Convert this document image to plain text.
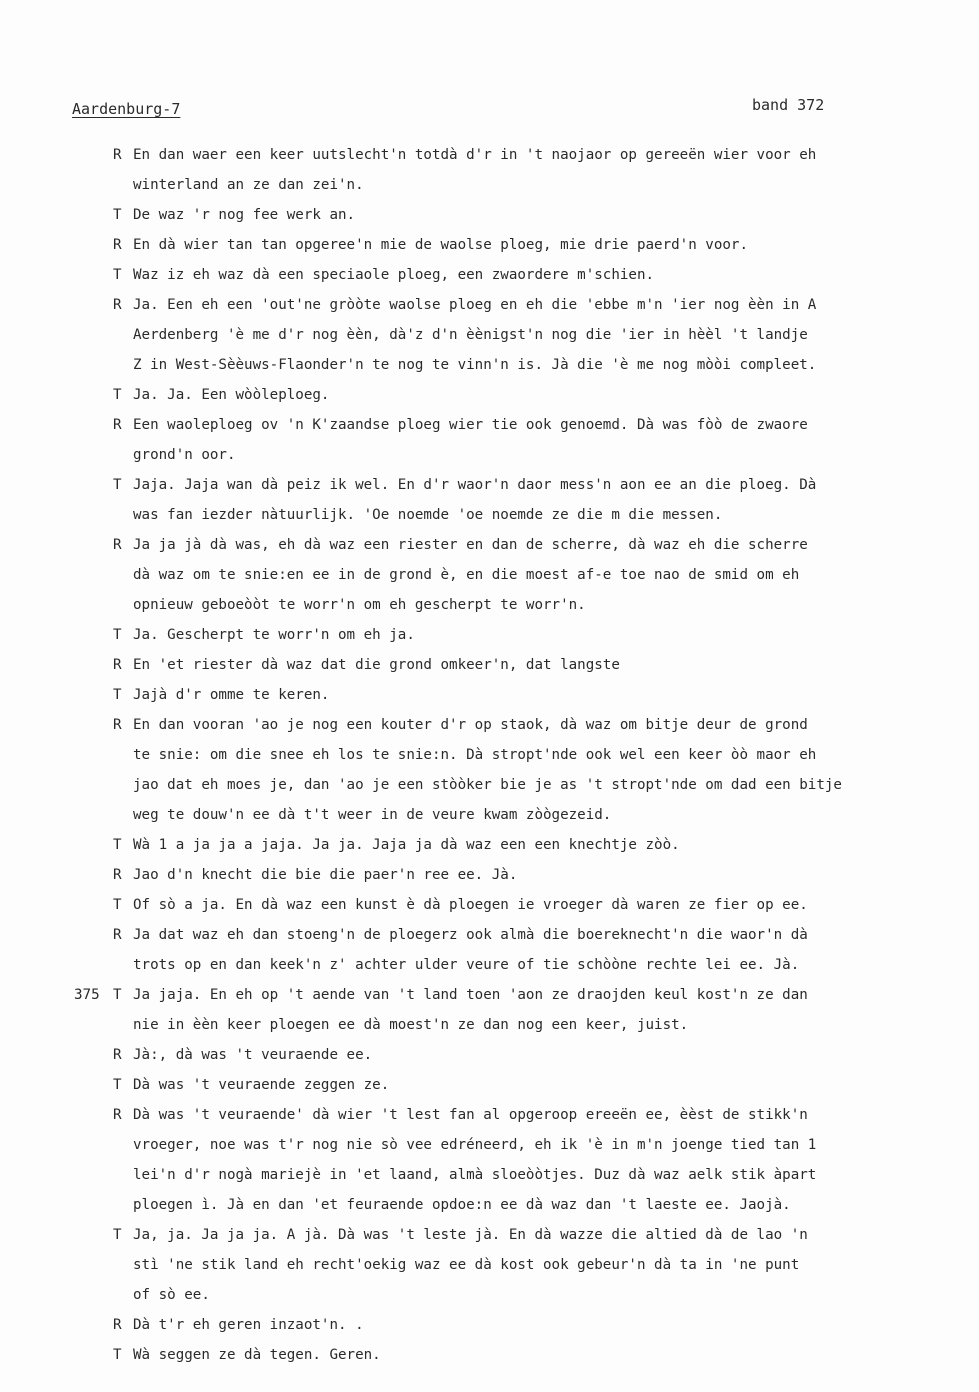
Aardenburg-7	band 372
R En dan waer een keer uutslecht'n totdà d'r in 't naojaor op gereeën wier voor eh
winterland an ze dan zei'n.
T De waz 'r nog fee werk an.
R En dà wier tan tan opgeree'n mie de waolse ploeg, mie drie paerd'n voor.
T Waz iz eh waz dà een speciaole ploeg, een zwaordere m'schien.
R Ja. Een eh een 'out'ne gròòte waolse ploeg en eh die 'ebbe m'n 'ier nog èèn in A
Aerdenberg 'è me d'r nog èèn, dà'z d'n èènigst'n nog die 'ier in hèèl 't landje
Z in West-Sèèuws-Flaonder'n te nog te vinn'n is. Jà die 'è me nog mòòi compleet.
T Ja. Ja. Een wòòleploeg.
R Een waoleploeg ov 'n K'zaandse ploeg wier tie ook genoemd. Dà was fòò de zwaore
grond'n oor.
T Jaja. Jaja wan dà peiz ik wel. En d'r waor'n daor mess'n aon ee an die ploeg. Dà
was fan iezder nàtuurlijk. 'Oe noemde 'oe noemde ze die m die messen.
R Ja ja jà dà was, eh dà waz een riester en dan de scherre, dà waz eh die scherre
dà waz om te snie:en ee in de grond è, en die moest af-e toe nao de smid om eh
opnieuw geboeòòt te worr'n om eh gescherpt te worr'n.
T Ja. Gescherpt te worr'n om eh ja.
R En 'et riester dà waz dat die grond omkeer'n, dat langste
T Jajà d'r omme te keren.
R En dan vooran 'ao je nog een kouter d'r op staok, dà waz om bitje deur de grond
te snie: om die snee eh los te snie:n. Dà stropt'nde ook wel een keer òò maor eh
jao dat eh moes je, dan 'ao je een stòòker bie je as 't stropt'nde om dad een bitje
weg te douw'n ee dà t't weer in de veure kwam zòògezeid.
T Wà 1 a ja ja a jaja. Ja ja. Jaja ja dà waz een een knechtje zòò.
R Jao d'n knecht die bie die paer'n ree ee. Jà.
T Of sò a ja. En dà waz een kunst è dà ploegen ie vroeger dà waren ze fier op ee.
R Ja dat waz eh dan stoeng'n de ploegerz ook almà die boereknecht'n die waor'n dà
trots op en dan keek'n z' achter ulder veure of tie schòòne rechte lei ee. Jà.
375 T Ja jaja. En eh op 't aende van 't land toen 'aon ze draojden keul kost'n ze dan
nie in èèn keer ploegen ee dà moest'n ze dan nog een keer, juist.
R Jà:, dà was 't veuraende ee.
T Dà was 't veuraende zeggen ze.
R Dà was 't veuraende' dà wier 't lest fan al opgeroop ereeën ee, èèst de stikk'n
vroeger, noe was t'r nog nie sò vee edréneerd, eh ik 'è in m'n joenge tied tan 1
lei'n d'r nogà mariejè in 'et laand, almà sloeòòtjes. Duz dà waz aelk stik àpart
ploegen ì. Jà en dan 'et feuraende opdoe:n ee dà waz dan 't laeste ee. Jaojà.
T Ja, ja. Ja ja ja. A jà. Dà was 't leste jà. En dà wazze die altied dà de lao 'n
stì 'ne stik land eh recht'oekig waz ee dà kost ook gebeur'n dà ta in 'ne punt
of sò ee.
R Dà t'r eh geren inzaot'n. .
T Wà seggen ze dà tegen. Geren.
